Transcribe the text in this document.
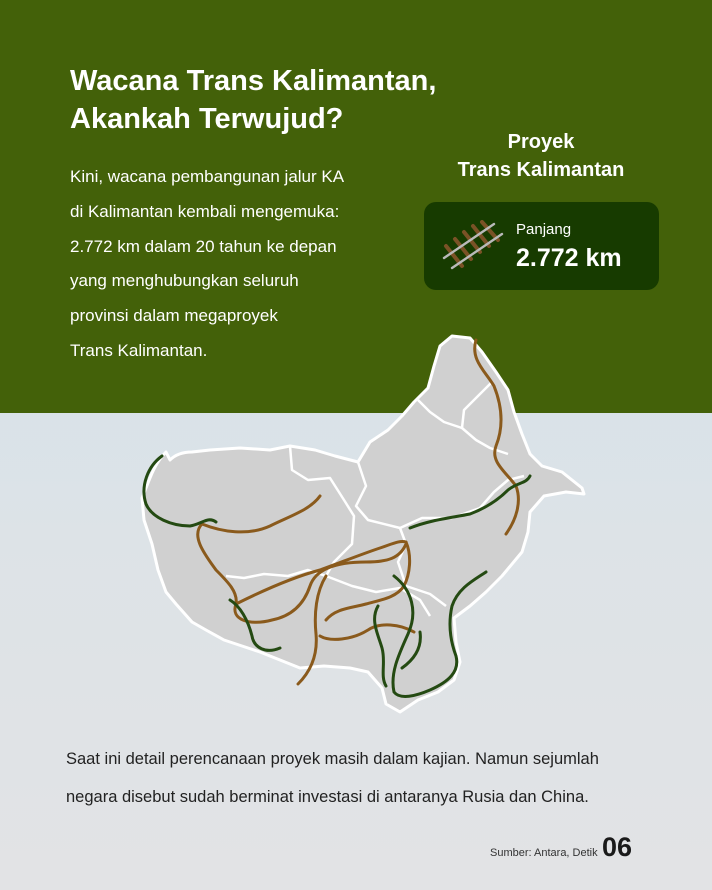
Wacana Trans Kalimantan,
Akankah Terwujud?

Kini, wacana pembangunan jalur KA
di Kalimantan kembali mengemuka:
2.772 km dalam 20 tahun ke depan
yang menghubungkan seluruh
provinsi dalam megaproyek
Trans Kalimantan.

Proyek
Trans Kalimantan
Panjang
2.772 km

Saat ini detail perencanaan proyek masih dalam kajian. Namun sejumlah
negara disebut sudah berminat investasi di antaranya Rusia dan China.

Sumber: Antara, Detik 06
